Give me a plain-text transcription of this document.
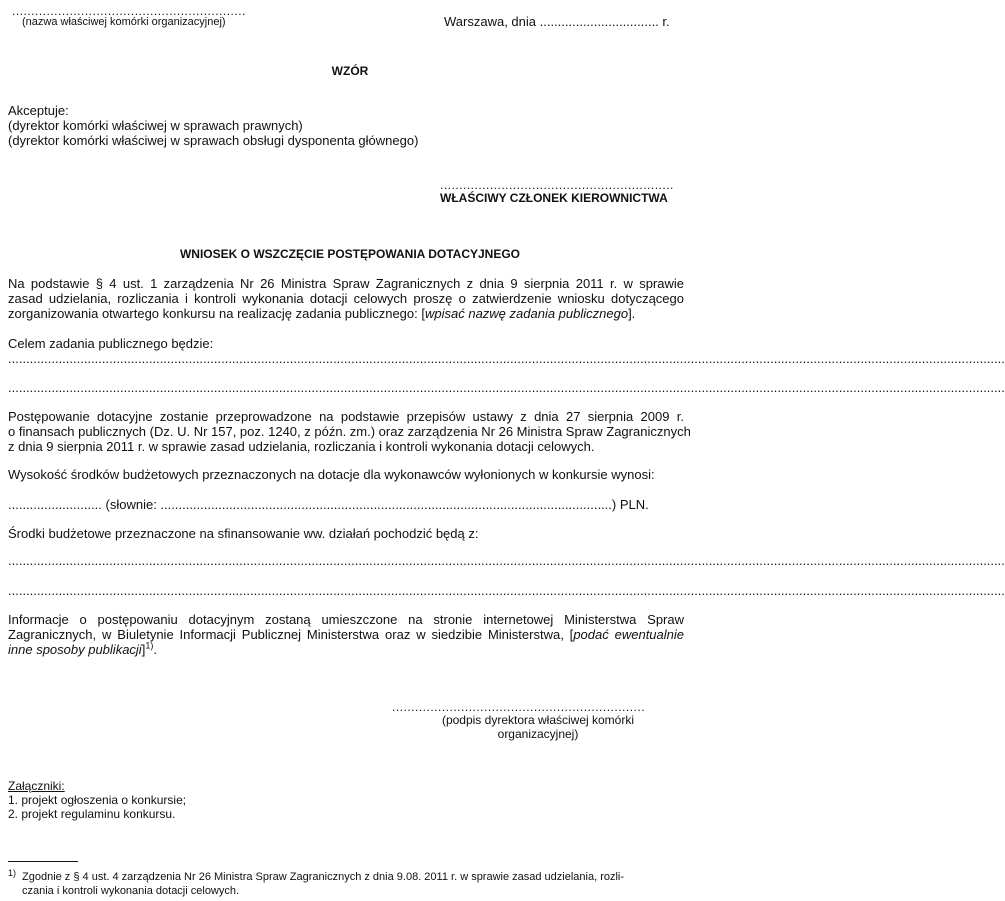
.............................................................
(nazwa właściwej komórki organizacyjnej)	Warszawa, dnia ................................. r.
WZÓR
Akceptuje:
(dyrektor komórki właściwej w sprawach prawnych)
(dyrektor komórki właściwej w sprawach obsługi dysponenta głównego)
.............................................................
WŁAŚCIWY CZŁONEK KIEROWNICTWA
WNIOSEK O WSZCZĘCIE POSTĘPOWANIA DOTACYJNEGO
Na podstawie § 4 ust. 1 zarządzenia Nr 26 Ministra Spraw Zagranicznych z dnia 9 sierpnia 2011 r. w sprawie
zasad udzielania, rozliczania i kontroli wykonania dotacji celowych proszę o zatwierdzenie wniosku dotyczącego
zorganizowania otwartego konkursu na realizację zadania publicznego: [wpisać nazwę zadania publicznego].
Celem zadania publicznego będzie:
....................................................................................................................................................................................................................................................................................
....................................................................................................................................................................................................................................................................................
Postępowanie dotacyjne zostanie przeprowadzone na podstawie przepisów ustawy z dnia 27 sierpnia 2009 r.
o finansach publicznych (Dz. U. Nr 157, poz. 1240, z późn. zm.) oraz zarządzenia Nr 26 Ministra Spraw Zagranicznych
z dnia 9 sierpnia 2011 r. w sprawie zasad udzielania, rozliczania i kontroli wykonania dotacji celowych.
Wysokość środków budżetowych przeznaczonych na dotacje dla wykonawców wyłonionych w konkursie wynosi:
.......................... (słownie: .............................................................................................................................) PLN.
Środki budżetowe przeznaczone na sfinansowanie ww. działań pochodzić będą z:
....................................................................................................................................................................................................................................................................................
....................................................................................................................................................................................................................................................................................
Informacje o postępowaniu dotacyjnym zostaną umieszczone na stronie internetowej Ministerstwa Spraw
Zagranicznych, w Biuletynie Informacji Publicznej Ministerstwa oraz w siedzibie Ministerstwa, [podać ewentualnie
inne sposoby publikacji]$^{1)}$.
..................................................................
(podpis dyrektora właściwej komórki
organizacyjnej)
Załączniki:
1. projekt ogłoszenia o konkursie;
2. projekt regulaminu konkursu.
1) Zgodnie z § 4 ust. 4 zarządzenia Nr 26 Ministra Spraw Zagranicznych z dnia 9.08. 2011 r. w sprawie zasad udzielania, rozli-
czania i kontroli wykonania dotacji celowych.
